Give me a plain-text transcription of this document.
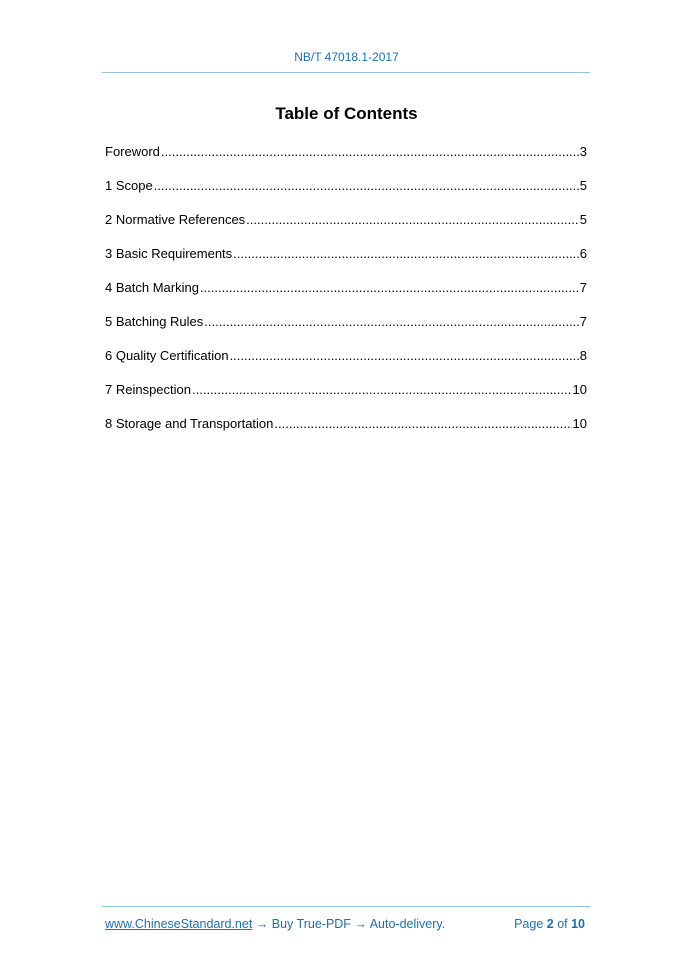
NB/T 47018.1-2017
Table of Contents
Foreword .....	3
1 Scope .....	5
2 Normative References .....	5
3 Basic Requirements .....	6
4 Batch Marking .....	7
5 Batching Rules .....	7
6 Quality Certification .....	8
7 Reinspection .....	10
8 Storage and Transportation .....	10
www.ChineseStandard.net → Buy True-PDF → Auto-delivery.	Page 2 of 10
